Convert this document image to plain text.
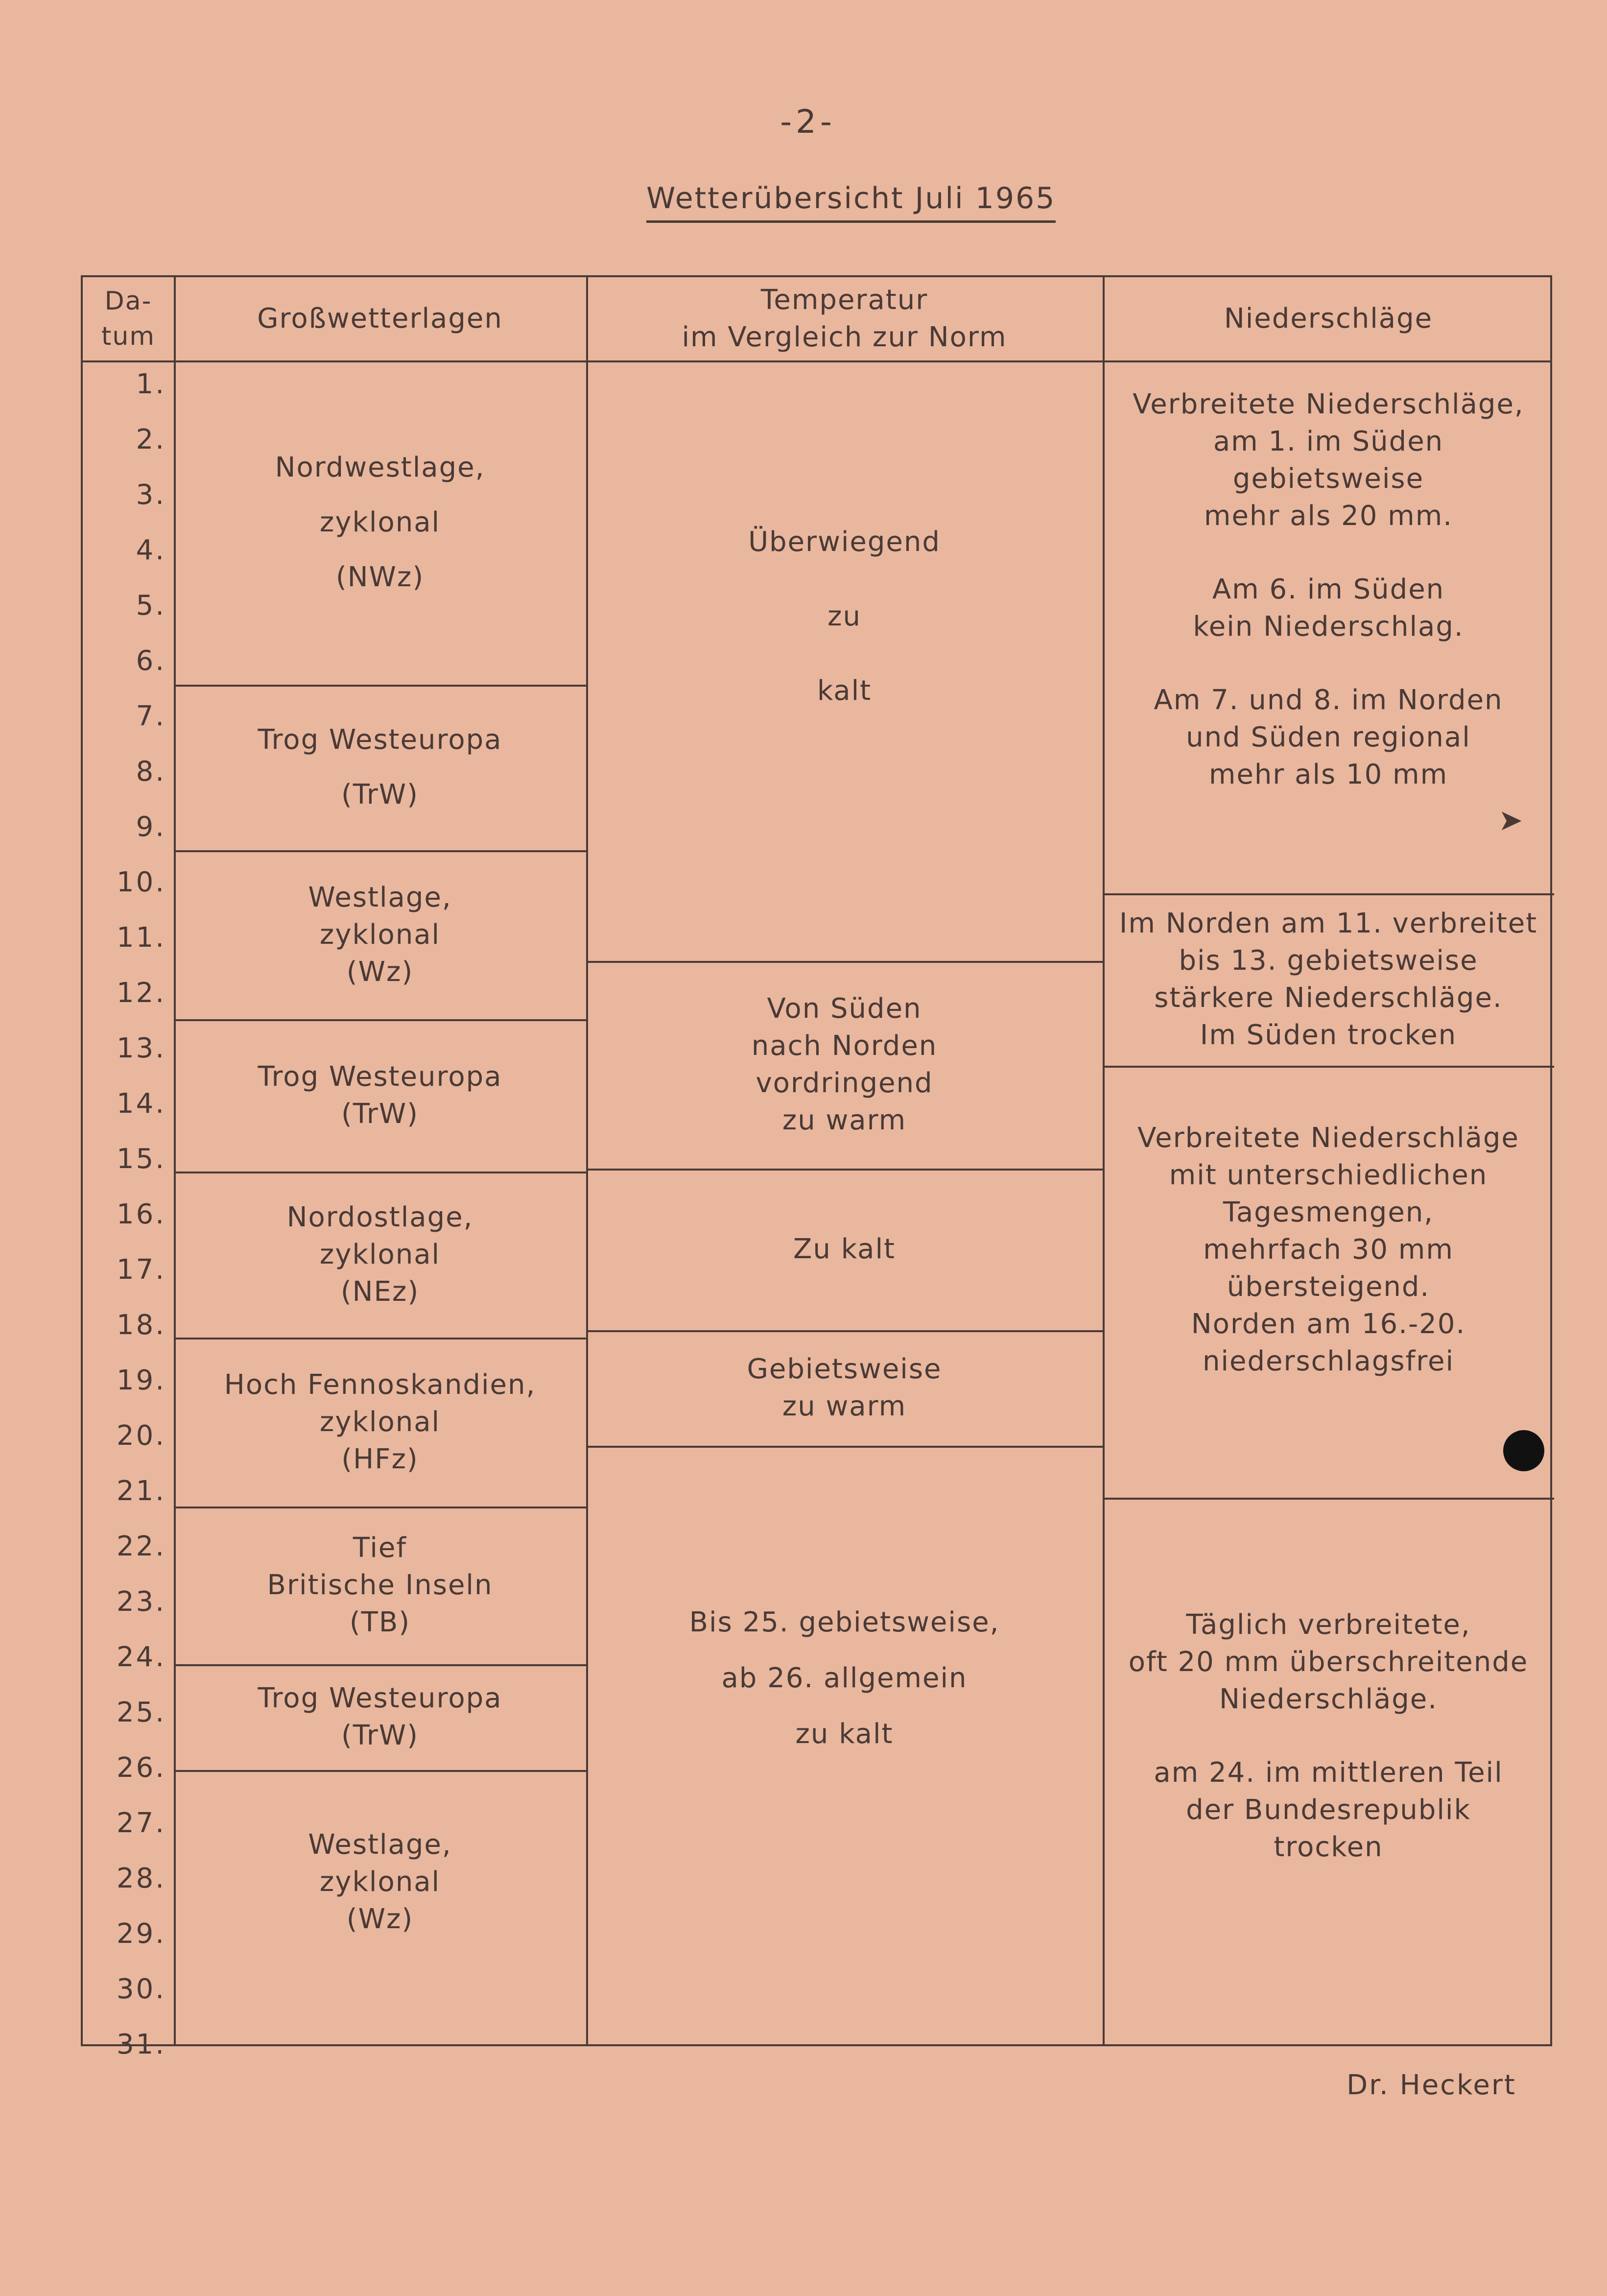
-2-
Wetterübersicht Juli 1965
Da-
tum
Großwetterlagen
Temperatur
im Vergleich zur Norm
Niederschläge
1.
2.
3.
4.
5.
6.
7.
8.
9.
10.
11.
12.
13.
14.
15.
16.
17.
18.
19.
20.
21.
22.
23.
24.
25.
26.
27.
28.
29.
30.
31.
Nordwestlage,
zyklonal
(NWz)
Trog Westeuropa
(TrW)
Westlage,
zyklonal
(Wz)
Trog Westeuropa
(TrW)
Nordostlage,
zyklonal
(NEz)
Hoch Fennoskandien,
zyklonal
(HFz)
Tief
Britische Inseln
(TB)
Trog Westeuropa
(TrW)
Westlage,
zyklonal
(Wz)
Überwiegend
zu
kalt
Von Süden
nach Norden
vordringend
zu warm
Zu kalt
Gebietsweise
zu warm
Bis 25. gebietsweise,
ab 26. allgemein
zu kalt
Verbreitete Niederschläge,
am 1. im Süden
gebietsweise
mehr als 20 mm.
Am 6. im Süden
kein Niederschlag.
Am 7. und 8. im Norden
und Süden regional
mehr als 10 mm
Im Norden am 11. verbreitet
bis 13. gebietsweise
stärkere Niederschläge.
Im Süden trocken
Verbreitete Niederschläge
mit unterschiedlichen
Tagesmengen,
mehrfach 30 mm
übersteigend.
Norden am 16.-20.
niederschlagsfrei
Täglich verbreitete,
oft 20 mm überschreitende
Niederschläge.
am 24. im mittleren Teil
der Bundesrepublik
trocken
➤
Dr. Heckert
